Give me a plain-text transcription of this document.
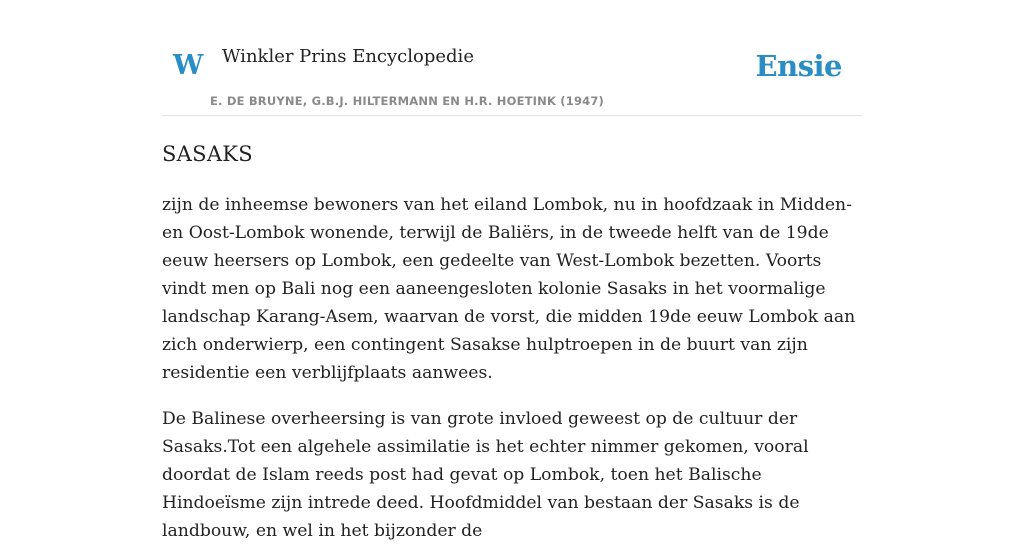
W Winkler Prins Encyclopedie
E. DE BRUYNE, G.B.J. HILTERMANN EN H.R. HOETINK (1947)
Ensie
SASAKS

zijn de inheemse bewoners van het eiland Lombok, nu in hoofdzaak in Midden- en Oost-Lombok wonende, terwijl de Baliërs, in de tweede helft van de 19de eeuw heersers op Lombok, een gedeelte van West-Lombok bezetten. Voorts vindt men op Bali nog een aaneengesloten kolonie Sasaks in het voormalige landschap Karang-Asem, waarvan de vorst, die midden 19de eeuw Lombok aan zich onderwierp, een contingent Sasakse hulptroepen in de buurt van zijn residentie een verblijfplaats aanwees.

De Balinese overheersing is van grote invloed geweest op de cultuur der Sasaks.Tot een algehele assimilatie is het echter nimmer gekomen, vooral doordat de Islam reeds post had gevat op Lombok, toen het Balische Hindoeïsme zijn intrede deed. Hoofdmiddel van bestaan der Sasaks is de landbouw, en wel in het bijzonder de
